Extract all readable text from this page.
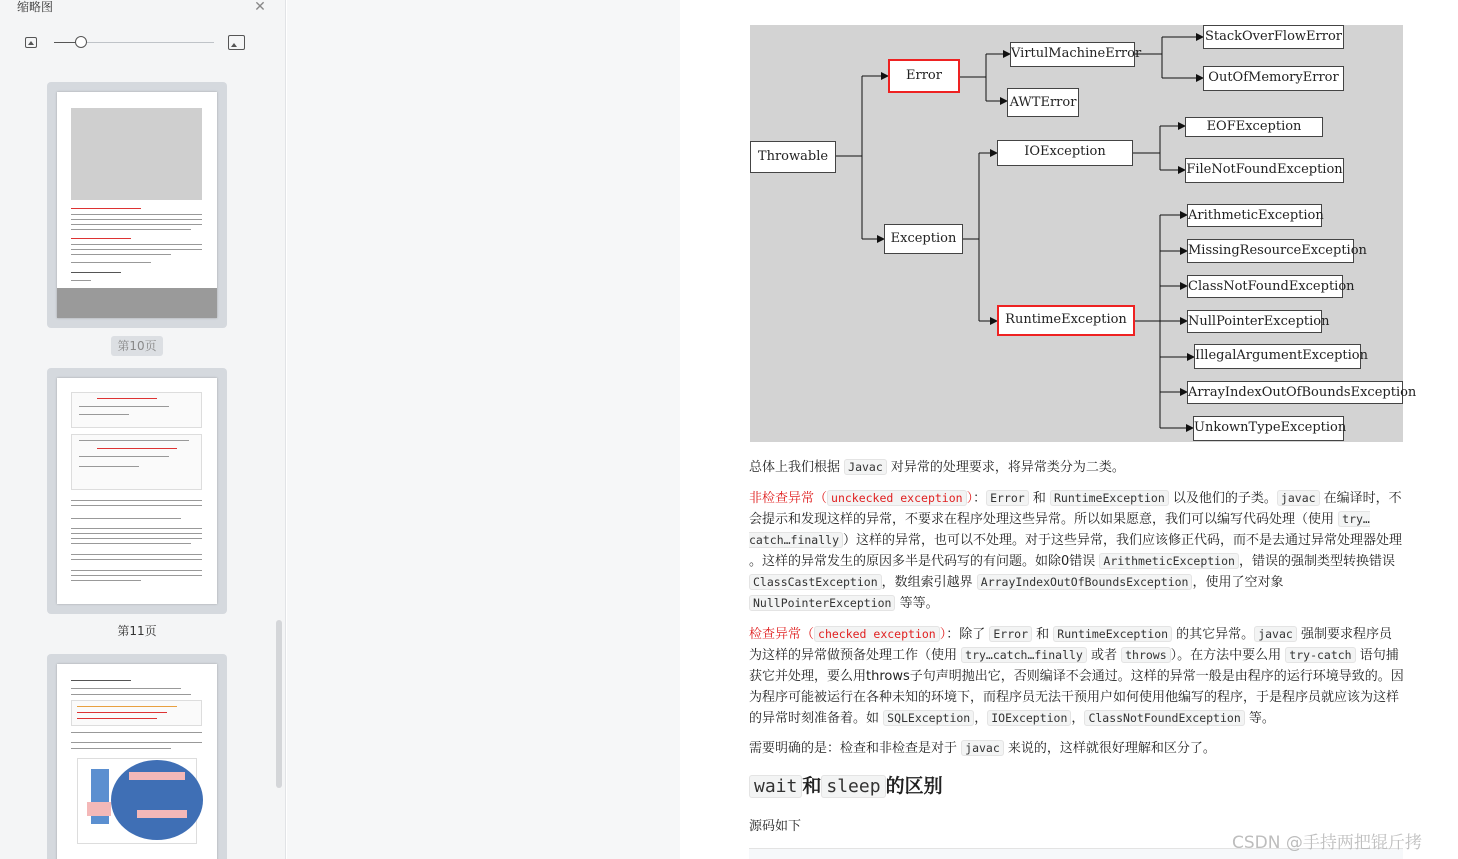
缩略图	✕
第10页
第11页
Throwable
Error
Exception
VirtulMachineError
AWTError
StackOverFlowError
OutOfMemoryError
IOException
EOFException
FileNotFoundException
RuntimeException
ArithmeticException
MissingResourceException
ClassNotFoundException
NullPointerException
IllegalArgumentException
ArrayIndexOutOfBoundsException
UnkownTypeException
总体上我们根据 Javac 对异常的处理要求，将异常类分为二类。
非检查异常（ unckecked exception ）： Error 和 RuntimeException 以及他们的子类。 javac 在编译时，不会提示和发现这样的异常，不要求在程序处理这些异常。所以如果愿意，我们可以编写代码处理（使用 try…catch…finally ）这样的异常，也可以不处理。对于这些异常，我们应该修正代码，而不是去通过异常处理器处理 。这样的异常发生的原因多半是代码写的有问题。如除0错误 ArithmeticException ，错误的强制类型转换错误 ClassCastException ，数组索引越界 ArrayIndexOutOfBoundsException ，使用了空对象 NullPointerException 等等。
检查异常（ checked exception ）：除了 Error 和 RuntimeException 的其它异常。 javac 强制要求程序员为这样的异常做预备处理工作（使用 try…catch…finally 或者 throws ）。在方法中要么用 try-catch 语句捕获它并处理，要么用throws子句声明抛出它，否则编译不会通过。这样的异常一般是由程序的运行环境导致的。因为程序可能被运行在各种未知的环境下，而程序员无法干预用户如何使用他编写的程序，于是程序员就应该为这样的异常时刻准备着。如 SQLException ， IOException ， ClassNotFoundException 等。
需要明确的是：检查和非检查是对于 javac 来说的，这样就很好理解和区分了。
wait 和 sleep 的区别
源码如下
CSDN @手持两把锟斤拷
